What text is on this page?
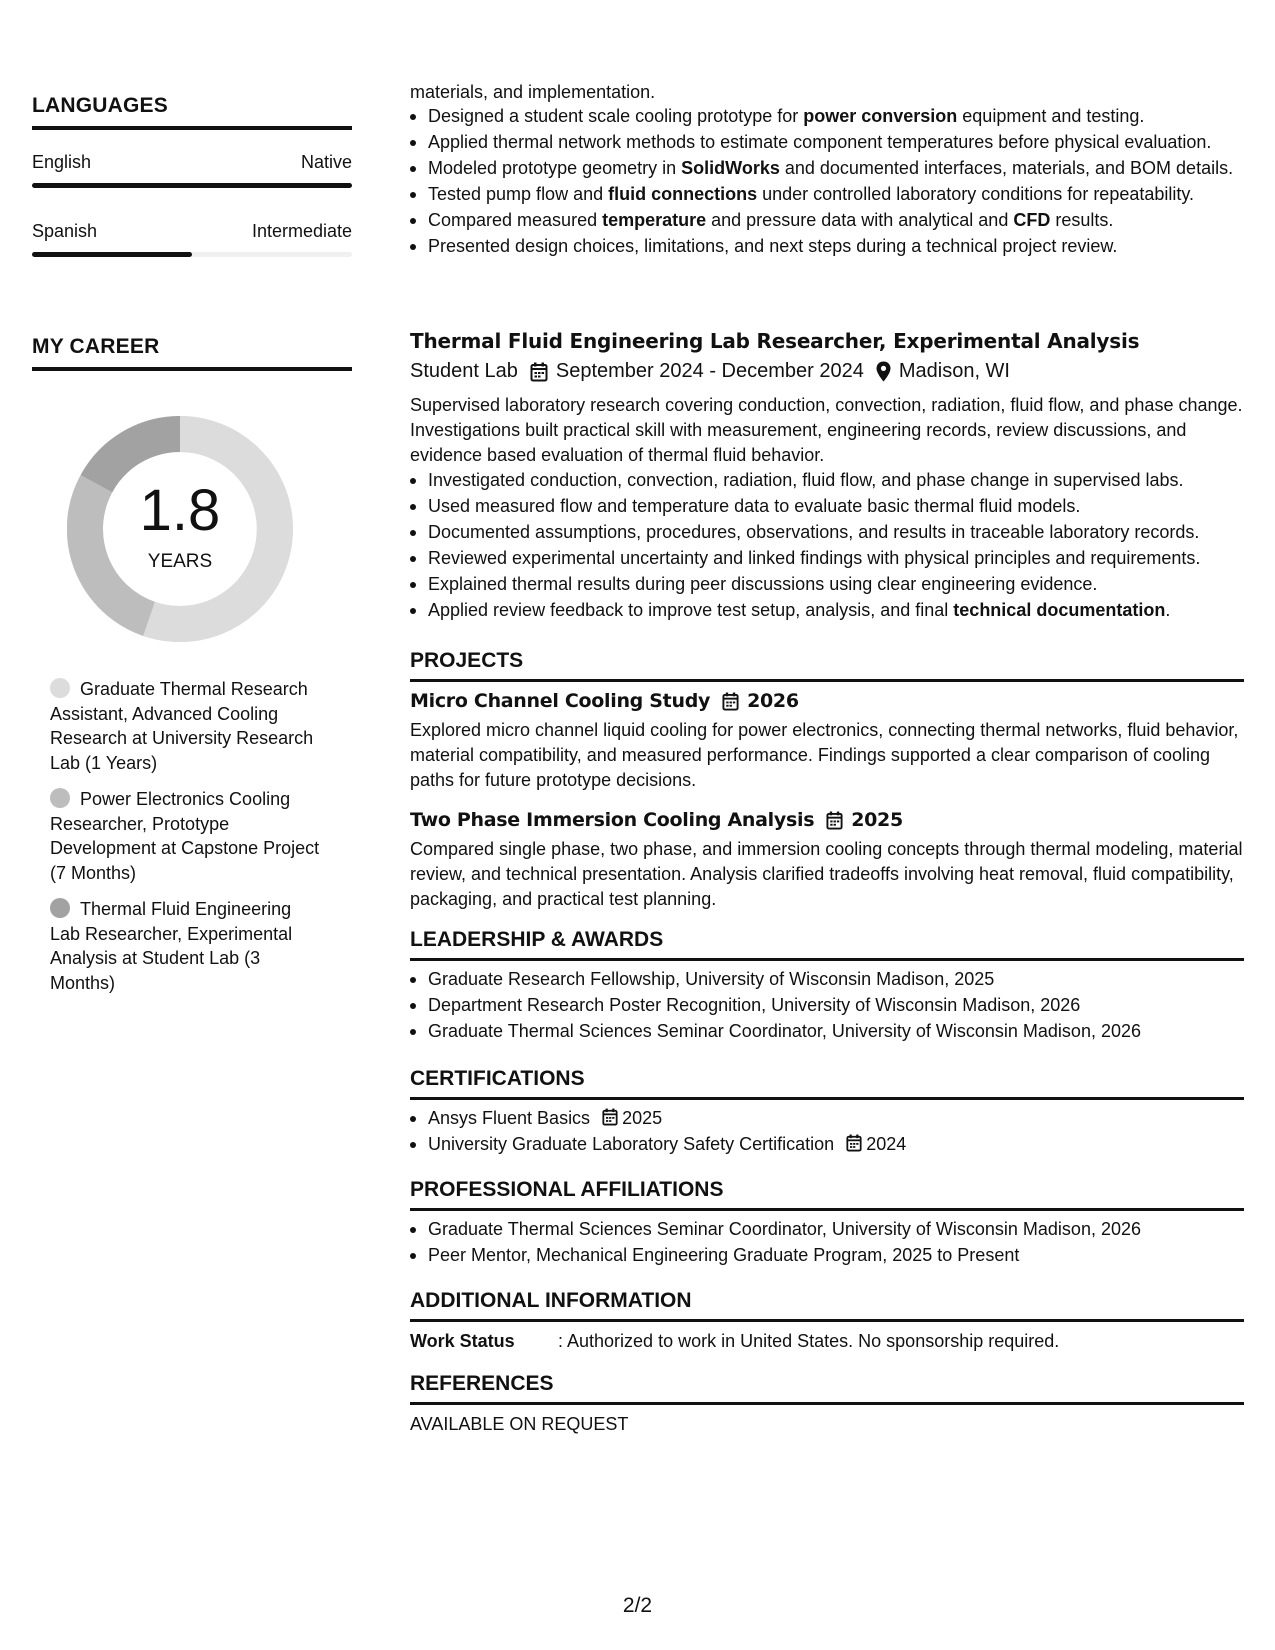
LANGUAGES
English	Native
Spanish	Intermediate
MY CAREER
1.8
YEARS
Graduate Thermal Research Assistant, Advanced Cooling Research at University Research Lab (1 Years)
Power Electronics Cooling Researcher, Prototype Development at Capstone Project (7 Months)
Thermal Fluid Engineering Lab Researcher, Experimental Analysis at Student Lab (3 Months)
materials, and implementation.
Designed a student scale cooling prototype for power conversion equipment and testing.
Applied thermal network methods to estimate component temperatures before physical evaluation.
Modeled prototype geometry in SolidWorks and documented interfaces, materials, and BOM details.
Tested pump flow and fluid connections under controlled laboratory conditions for repeatability.
Compared measured temperature and pressure data with analytical and CFD results.
Presented design choices, limitations, and next steps during a technical project review.
Thermal Fluid Engineering Lab Researcher, Experimental Analysis
Student Lab September 2024 - December 2024 Madison, WI
Supervised laboratory research covering conduction, convection, radiation, fluid flow, and phase change. Investigations built practical skill with measurement, engineering records, review discussions, and evidence based evaluation of thermal fluid behavior.
Investigated conduction, convection, radiation, fluid flow, and phase change in supervised labs.
Used measured flow and temperature data to evaluate basic thermal fluid models.
Documented assumptions, procedures, observations, and results in traceable laboratory records.
Reviewed experimental uncertainty and linked findings with physical principles and requirements.
Explained thermal results during peer discussions using clear engineering evidence.
Applied review feedback to improve test setup, analysis, and final technical documentation.
PROJECTS
Micro Channel Cooling Study 2026
Explored micro channel liquid cooling for power electronics, connecting thermal networks, fluid behavior, material compatibility, and measured performance. Findings supported a clear comparison of cooling paths for future prototype decisions.
Two Phase Immersion Cooling Analysis 2025
Compared single phase, two phase, and immersion cooling concepts through thermal modeling, material review, and technical presentation. Analysis clarified tradeoffs involving heat removal, fluid compatibility, packaging, and practical test planning.
LEADERSHIP & AWARDS
Graduate Research Fellowship, University of Wisconsin Madison, 2025
Department Research Poster Recognition, University of Wisconsin Madison, 2026
Graduate Thermal Sciences Seminar Coordinator, University of Wisconsin Madison, 2026
CERTIFICATIONS
Ansys Fluent Basics 2025
University Graduate Laboratory Safety Certification 2024
PROFESSIONAL AFFILIATIONS
Graduate Thermal Sciences Seminar Coordinator, University of Wisconsin Madison, 2026
Peer Mentor, Mechanical Engineering Graduate Program, 2025 to Present
ADDITIONAL INFORMATION
Work Status	: Authorized to work in United States. No sponsorship required.
REFERENCES
AVAILABLE ON REQUEST
2/2
